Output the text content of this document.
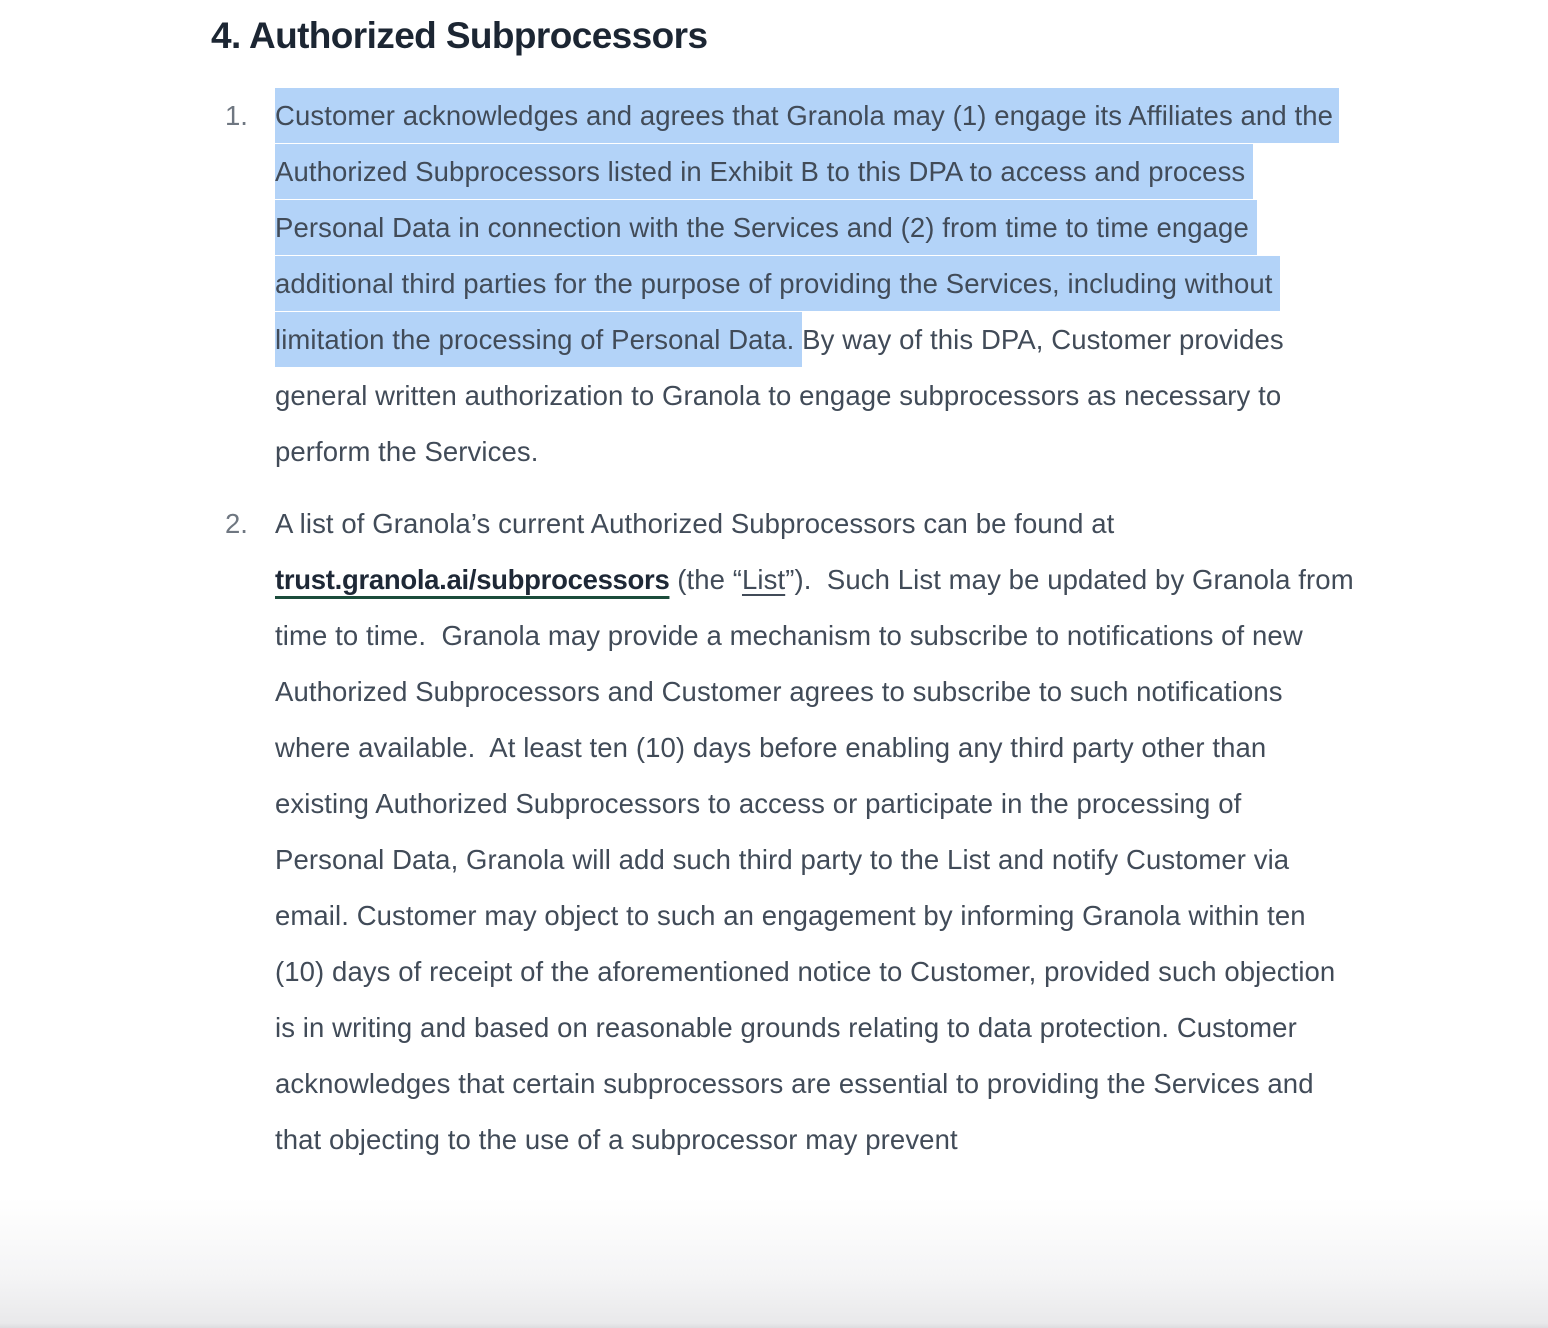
4. Authorized Subprocessors
1. Customer acknowledges and agrees that Granola may (1) engage its Affiliates and the Authorized Subprocessors listed in Exhibit B to this DPA to access and process Personal Data in connection with the Services and (2) from time to time engage additional third parties for the purpose of providing the Services, including without limitation the processing of Personal Data. By way of this DPA, Customer provides general written authorization to Granola to engage subprocessors as necessary to perform the Services.
2. A list of Granola’s current Authorized Subprocessors can be found at trust.granola.ai/subprocessors (the “List”).  Such List may be updated by Granola from time to time.  Granola may provide a mechanism to subscribe to notifications of new Authorized Subprocessors and Customer agrees to subscribe to such notifications where available.  At least ten (10) days before enabling any third party other than existing Authorized Subprocessors to access or participate in the processing of Personal Data, Granola will add such third party to the List and notify Customer via email. Customer may object to such an engagement by informing Granola within ten (10) days of receipt of the aforementioned notice to Customer, provided such objection is in writing and based on reasonable grounds relating to data protection. Customer acknowledges that certain subprocessors are essential to providing the Services and that objecting to the use of a subprocessor may prevent
